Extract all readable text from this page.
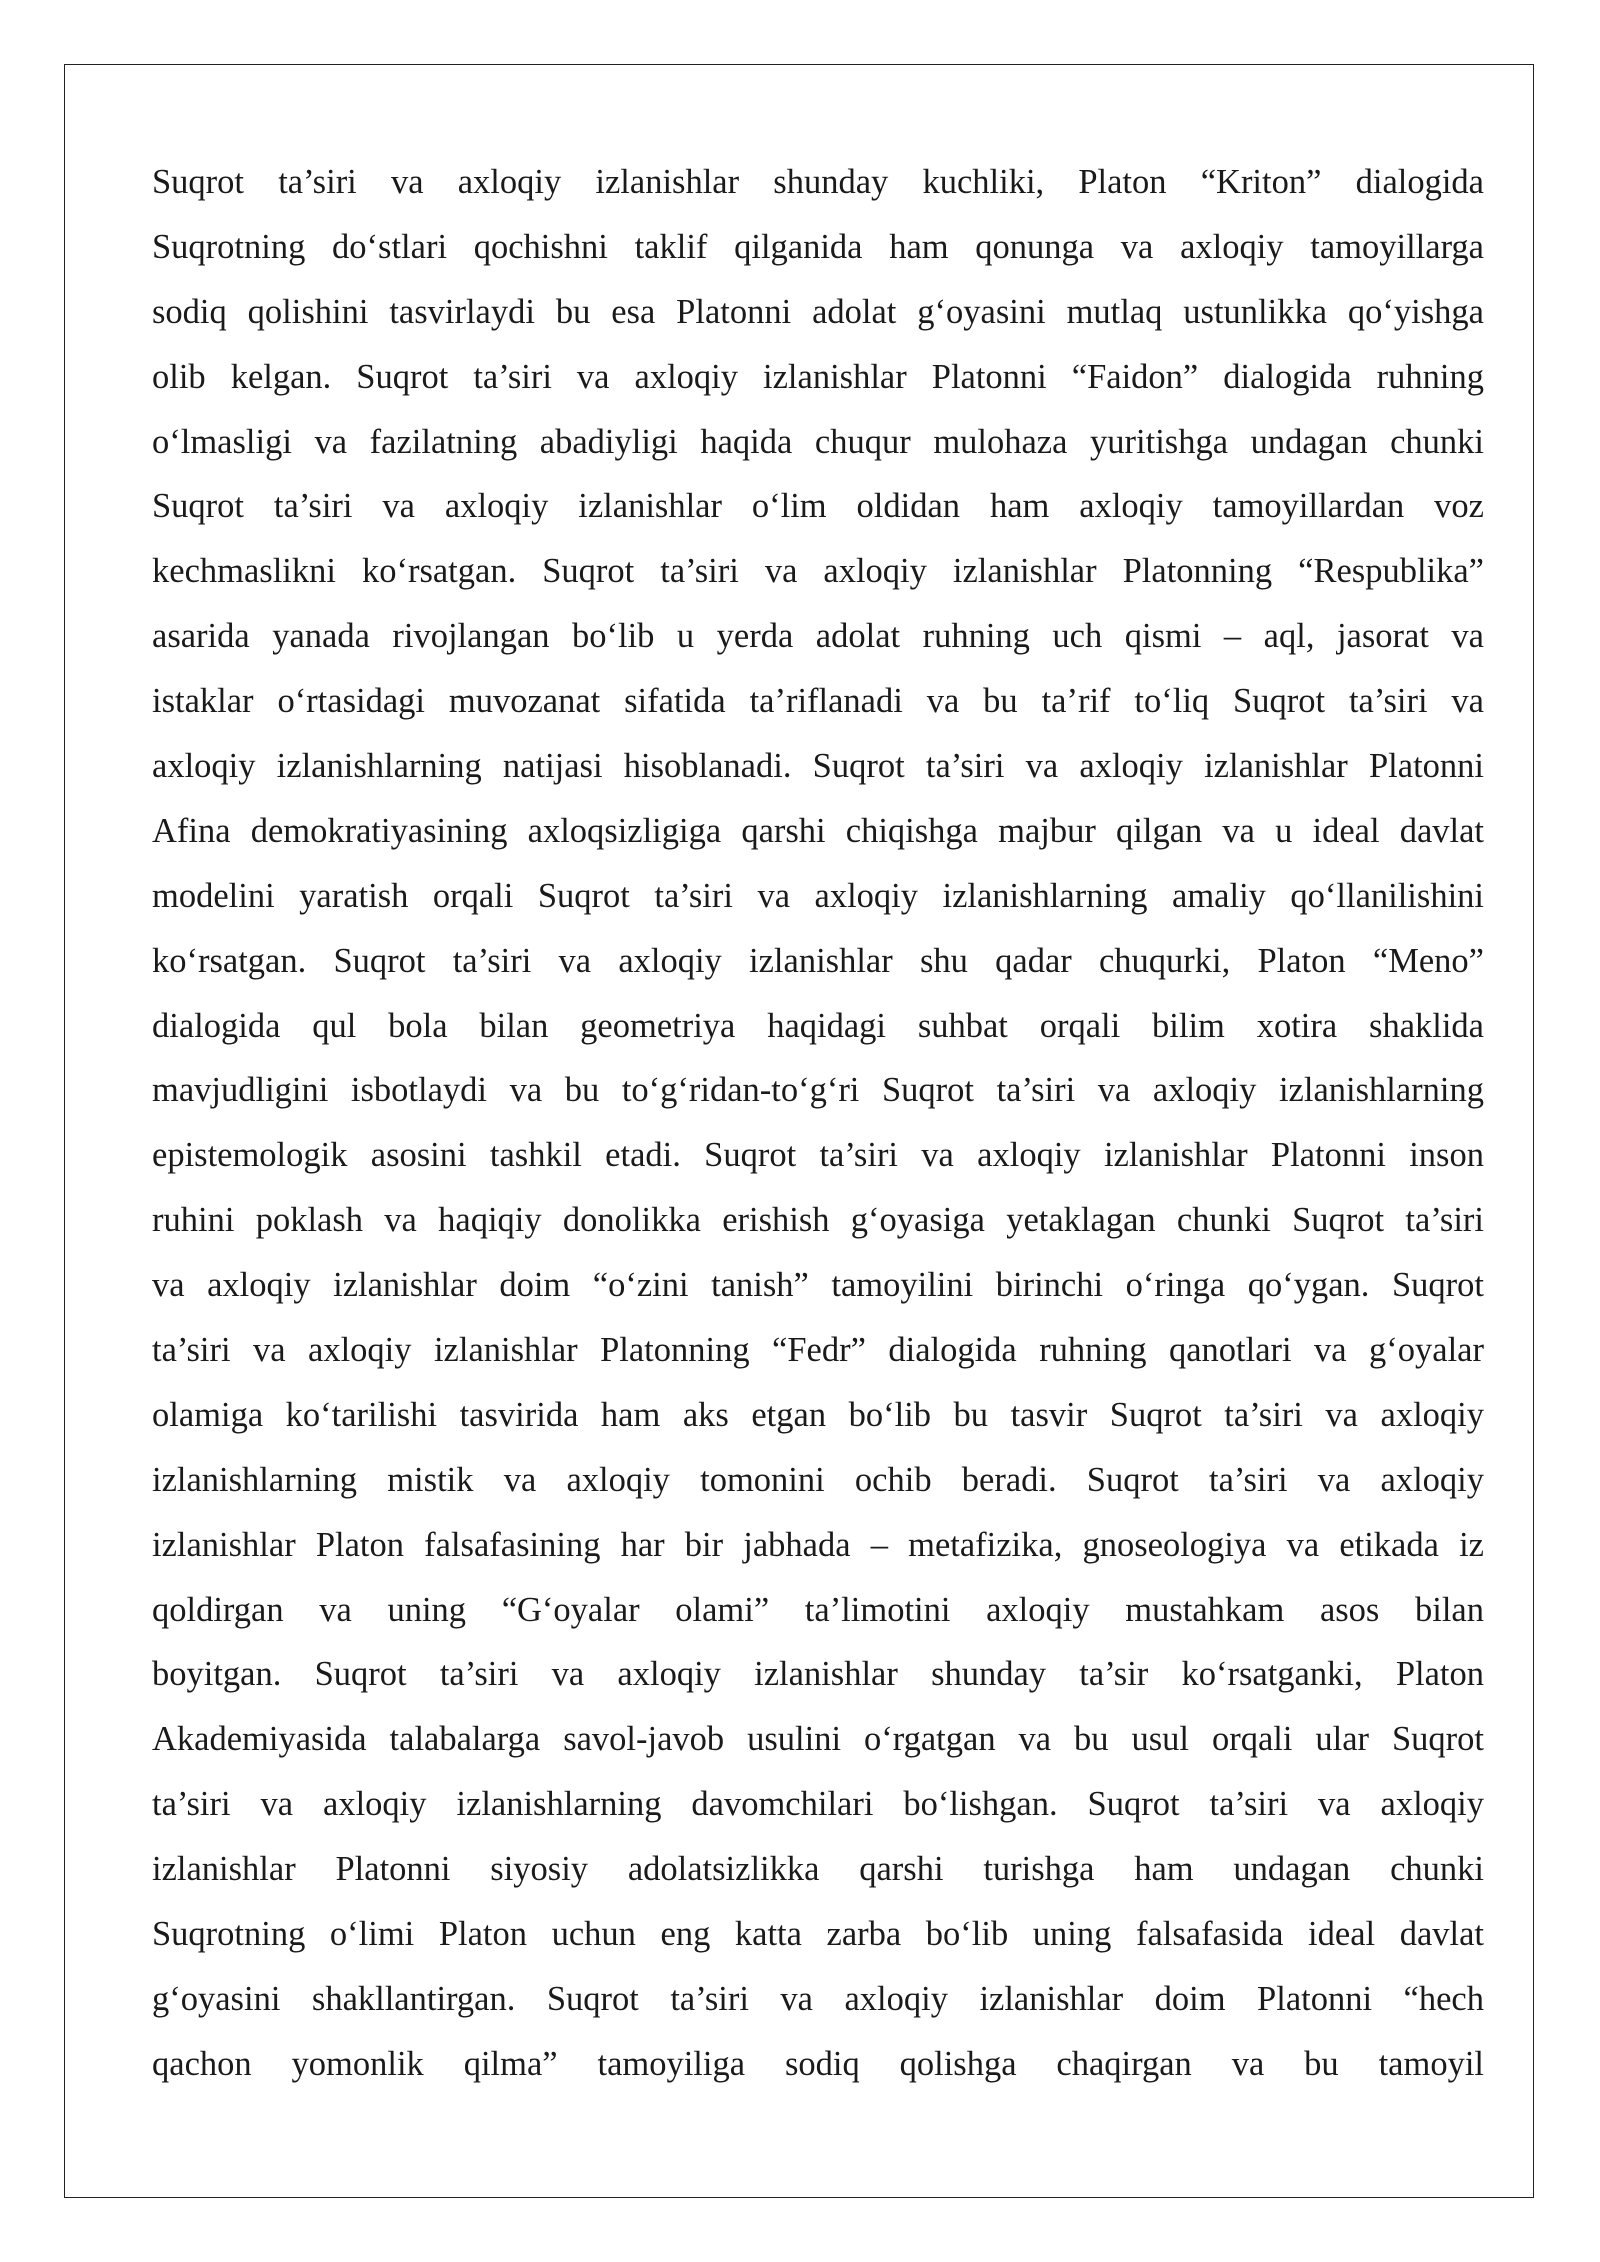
Suqrot ta’siri va axloqiy izlanishlar shunday kuchliki, Platon “Kriton” dialogida
Suqrotning do‘stlari qochishni taklif qilganida ham qonunga va axloqiy tamoyillarga
sodiq qolishini tasvirlaydi bu esa Platonni adolat g‘oyasini mutlaq ustunlikka qo‘yishga
olib kelgan. Suqrot ta’siri va axloqiy izlanishlar Platonni “Faidon” dialogida ruhning
o‘lmasligi va fazilatning abadiyligi haqida chuqur mulohaza yuritishga undagan chunki
Suqrot ta’siri va axloqiy izlanishlar o‘lim oldidan ham axloqiy tamoyillardan voz
kechmaslikni ko‘rsatgan. Suqrot ta’siri va axloqiy izlanishlar Platonning “Respublika”
asarida yanada rivojlangan bo‘lib u yerda adolat ruhning uch qismi – aql, jasorat va
istaklar o‘rtasidagi muvozanat sifatida ta’riflanadi va bu ta’rif to‘liq Suqrot ta’siri va
axloqiy izlanishlarning natijasi hisoblanadi. Suqrot ta’siri va axloqiy izlanishlar Platonni
Afina demokratiyasining axloqsizligiga qarshi chiqishga majbur qilgan va u ideal davlat
modelini yaratish orqali Suqrot ta’siri va axloqiy izlanishlarning amaliy qo‘llanilishini
ko‘rsatgan. Suqrot ta’siri va axloqiy izlanishlar shu qadar chuqurki, Platon “Meno”
dialogida qul bola bilan geometriya haqidagi suhbat orqali bilim xotira shaklida
mavjudligini isbotlaydi va bu to‘g‘ridan-to‘g‘ri Suqrot ta’siri va axloqiy izlanishlarning
epistemologik asosini tashkil etadi. Suqrot ta’siri va axloqiy izlanishlar Platonni inson
ruhini poklash va haqiqiy donolikka erishish g‘oyasiga yetaklagan chunki Suqrot ta’siri
va axloqiy izlanishlar doim “o‘zini tanish” tamoyilini birinchi o‘ringa qo‘ygan. Suqrot
ta’siri va axloqiy izlanishlar Platonning “Fedr” dialogida ruhning qanotlari va g‘oyalar
olamiga ko‘tarilishi tasvirida ham aks etgan bo‘lib bu tasvir Suqrot ta’siri va axloqiy
izlanishlarning mistik va axloqiy tomonini ochib beradi. Suqrot ta’siri va axloqiy
izlanishlar Platon falsafasining har bir jabhada – metafizika, gnoseologiya va etikada iz
qoldirgan va uning “G‘oyalar olami” ta’limotini axloqiy mustahkam asos bilan
boyitgan. Suqrot ta’siri va axloqiy izlanishlar shunday ta’sir ko‘rsatganki, Platon
Akademiyasida talabalarga savol-javob usulini o‘rgatgan va bu usul orqali ular Suqrot
ta’siri va axloqiy izlanishlarning davomchilari bo‘lishgan. Suqrot ta’siri va axloqiy
izlanishlar Platonni siyosiy adolatsizlikka qarshi turishga ham undagan chunki
Suqrotning o‘limi Platon uchun eng katta zarba bo‘lib uning falsafasida ideal davlat
g‘oyasini shakllantirgan. Suqrot ta’siri va axloqiy izlanishlar doim Platonni “hech
qachon yomonlik qilma” tamoyiliga sodiq qolishga chaqirgan va bu tamoyil
